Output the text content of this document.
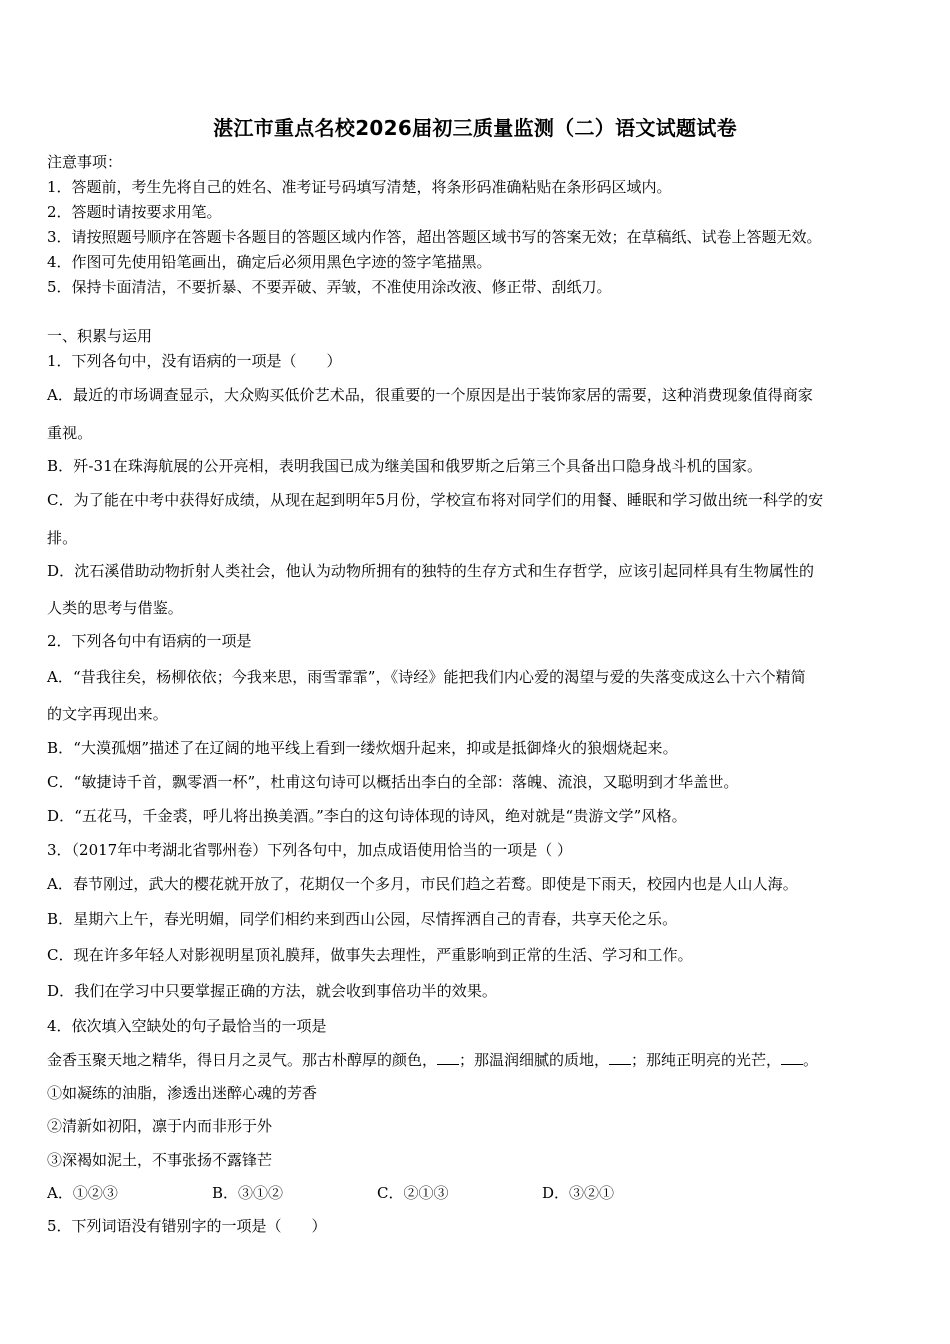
湛江市重点名校2026届初三质量监测（二）语文试题试卷
注意事项：
1．答题前，考生先将自己的姓名、准考证号码填写清楚，将条形码准确粘贴在条形码区域内。
2．答题时请按要求用笔。
3．请按照题号顺序在答题卡各题目的答题区域内作答，超出答题区域书写的答案无效；在草稿纸、试卷上答题无效。
4．作图可先使用铅笔画出，确定后必须用黑色字迹的签字笔描黑。
5．保持卡面清洁，不要折暴、不要弄破、弄皱，不准使用涂改液、修正带、刮纸刀。
一、积累与运用
1．下列各句中，没有语病的一项是（　　）
A．最近的市场调查显示，大众购买低价艺术品，很重要的一个原因是出于装饰家居的需要，这种消费现象值得商家
重视。
B．歼-31在珠海航展的公开亮相，表明我国已成为继美国和俄罗斯之后第三个具备出口隐身战斗机的国家。
C．为了能在中考中获得好成绩，从现在起到明年5月份，学校宣布将对同学们的用餐、睡眠和学习做出统一科学的安
排。
D．沈石溪借助动物折射人类社会，他认为动物所拥有的独特的生存方式和生存哲学，应该引起同样具有生物属性的
人类的思考与借鉴。
2．下列各句中有语病的一项是
A．“昔我往矣，杨柳依依；今我来思，雨雪霏霏”，《诗经》能把我们内心爱的渴望与爱的失落变成这么十六个精简
的文字再现出来。
B．“大漠孤烟”描述了在辽阔的地平线上看到一缕炊烟升起来，抑或是抵御烽火的狼烟烧起来。
C．“敏捷诗千首，飘零酒一杯”，杜甫这句诗可以概括出李白的全部：落魄、流浪，又聪明到才华盖世。
D．“五花马，千金裘，呼儿将出换美酒。”李白的这句诗体现的诗风，绝对就是“贵游文学”风格。
3．（2017年中考湖北省鄂州卷）下列各句中，加点成语使用恰当的一项是（ ）
A．春节刚过，武大的樱花就开放了，花期仅一个多月，市民们趋之若鹜。即使是下雨天，校园内也是人山人海。
B．星期六上午，春光明媚，同学们相约来到西山公园，尽情挥洒自己的青春，共享天伦之乐。
C．现在许多年轻人对影视明星顶礼膜拜，做事失去理性，严重影响到正常的生活、学习和工作。
D．我们在学习中只要掌握正确的方法，就会收到事倍功半的效果。
4．依次填入空缺处的句子最恰当的一项是
金香玉聚天地之精华，得日月之灵气。那古朴醇厚的颜色， ；那温润细腻的质地， ；那纯正明亮的光芒， 。
①如凝练的油脂，渗透出迷醉心魂的芳香
②清新如初阳，凛于内而非形于外
③深褐如泥土，不事张扬不露锋芒
A．①②③	B．③①②	C．②①③	D．③②①
5．下列词语没有错别字的一项是（　　）
